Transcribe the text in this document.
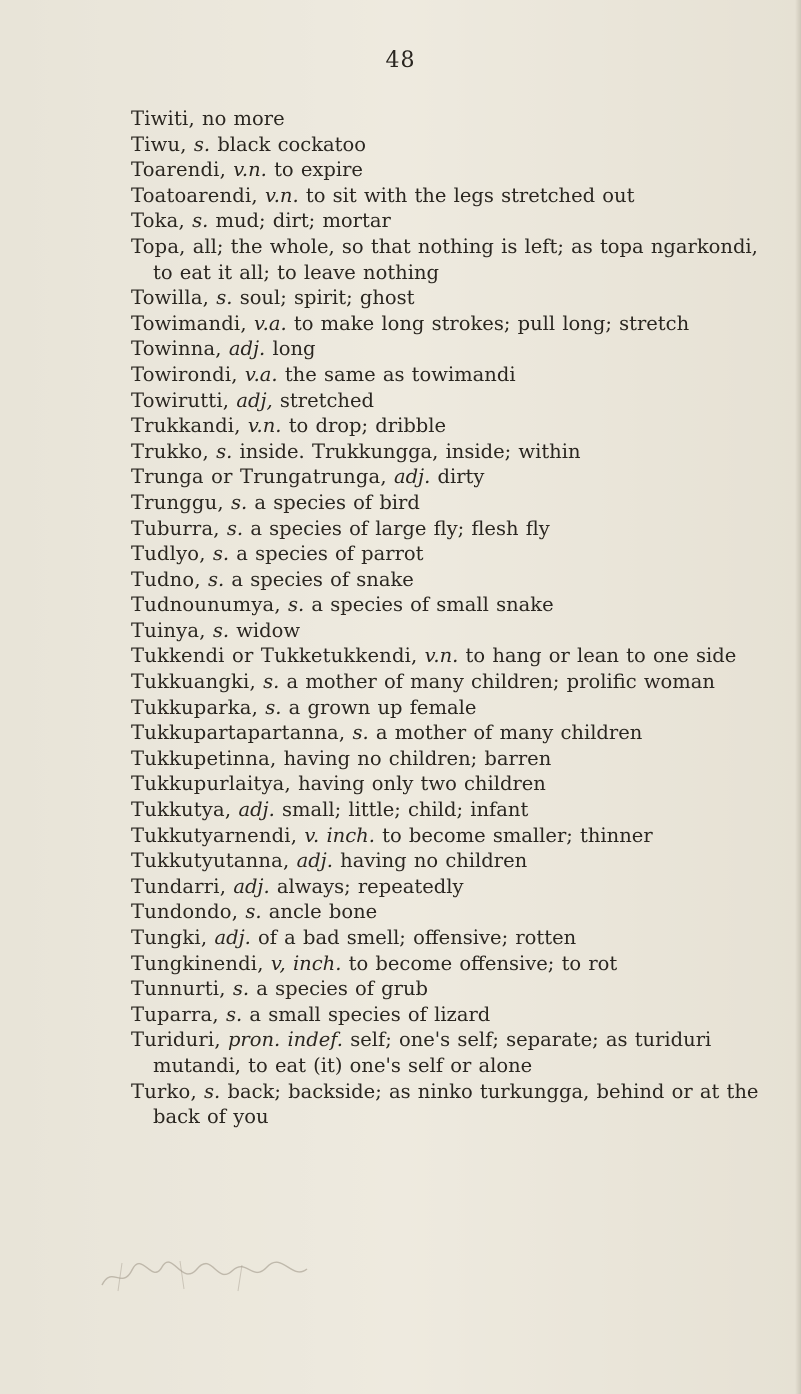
48
Tiwiti, no more
Tiwu, s. black cockatoo
Toarendi, v.n. to expire
Toatoarendi, v.n. to sit with the legs stretched out
Toka, s. mud; dirt; mortar
Topa, all; the whole, so that nothing is left; as topa ngarkondi, to eat it all; to leave nothing
Towilla, s. soul; spirit; ghost
Towimandi, v.a. to make long strokes; pull long; stretch
Towinna, adj. long
Towirondi, v.a. the same as towimandi
Towirutti, adj, stretched
Trukkandi, v.n. to drop; dribble
Trukko, s. inside. Trukkungga, inside; within
Trunga or Trungatrunga, adj. dirty
Trunggu, s. a species of bird
Tuburra, s. a species of large fly; flesh fly
Tudlyo, s. a species of parrot
Tudno, s. a species of snake
Tudnounumya, s. a species of small snake
Tuinya, s. widow
Tukkendi or Tukketukkendi, v.n. to hang or lean to one side
Tukkuangki, s. a mother of many children; prolific woman
Tukkuparka, s. a grown up female
Tukkupartapartanna, s. a mother of many children
Tukkupetinna, having no children; barren
Tukkupurlaitya, having only two children
Tukkutya, adj. small; little; child; infant
Tukkutyarnendi, v. inch. to become smaller; thinner
Tukkutyutanna, adj. having no children
Tundarri, adj. always; repeatedly
Tundondo, s. ancle bone
Tungki, adj. of a bad smell; offensive; rotten
Tungkinendi, v, inch. to become offensive; to rot
Tunnurti, s. a species of grub
Tuparra, s. a small species of lizard
Turiduri, pron. indef. self; one's self; separate; as turiduri mutandi, to eat (it) one's self or alone
Turko, s. back; backside; as ninko turkungga, behind or at the back of you
